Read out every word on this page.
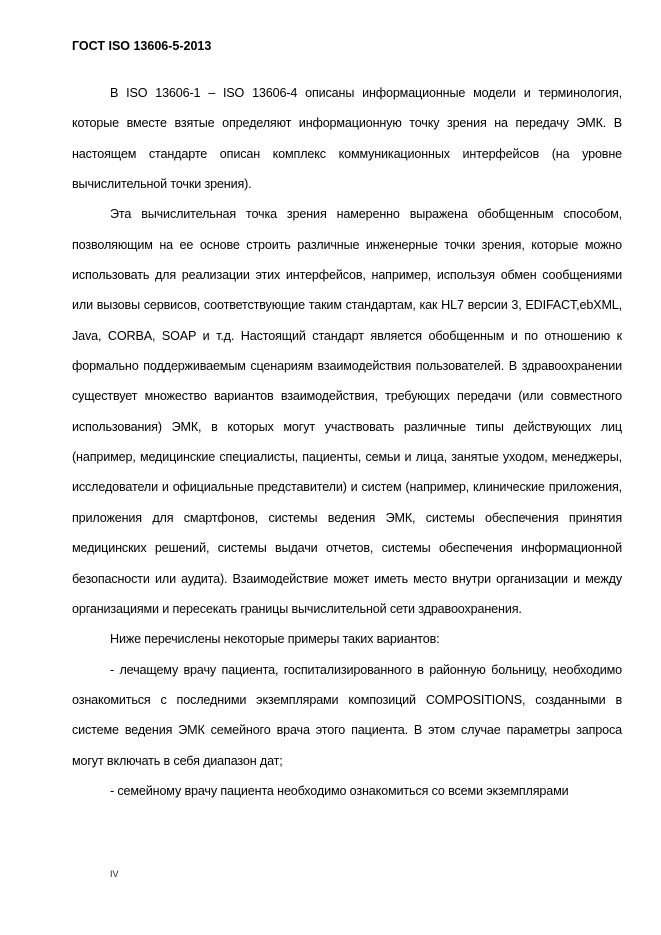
ГОСТ ISO 13606-5-2013

В ISO 13606-1 – ISO 13606-4 описаны информационные модели и терминология, которые вместе взятые определяют информационную точку зрения на передачу ЭМК. В настоящем стандарте описан комплекс коммуникационных интерфейсов (на уровне вычислительной точки зрения).

Эта вычислительная точка зрения намеренно выражена обобщенным способом, позволяющим на ее основе строить различные инженерные точки зрения, которые можно использовать для реализации этих интерфейсов, например, используя обмен сообщениями или вызовы сервисов, соответствующие таким стандартам, как HL7 версии 3, EDIFACT,ebXML, Java, CORBA, SOAP и т.д. Настоящий стандарт является обобщенным и по отношению к формально поддерживаемым сценариям взаимодействия пользователей. В здравоохранении существует множество вариантов взаимодействия, требующих передачи (или совместного использования) ЭМК, в которых могут участвовать различные типы действующих лиц (например, медицинские специалисты, пациенты, семьи и лица, занятые уходом, менеджеры, исследователи и официальные представители) и систем (например, клинические приложения, приложения для смартфонов, системы ведения ЭМК, системы обеспечения принятия медицинских решений, системы выдачи отчетов, системы обеспечения информационной безопасности или аудита). Взаимодействие может иметь место внутри организации и между организациями и пересекать границы вычислительной сети здравоохранения.

Ниже перечислены некоторые примеры таких вариантов:

- лечащему врачу пациента, госпитализированного в районную больницу, необходимо ознакомиться с последними экземплярами композиций COMPOSITIONS, созданными в системе ведения ЭМК семейного врача этого пациента. В этом случае параметры запроса могут включать в себя диапазон дат;

- семейному врачу пациента необходимо ознакомиться со всеми экземплярами

IV
